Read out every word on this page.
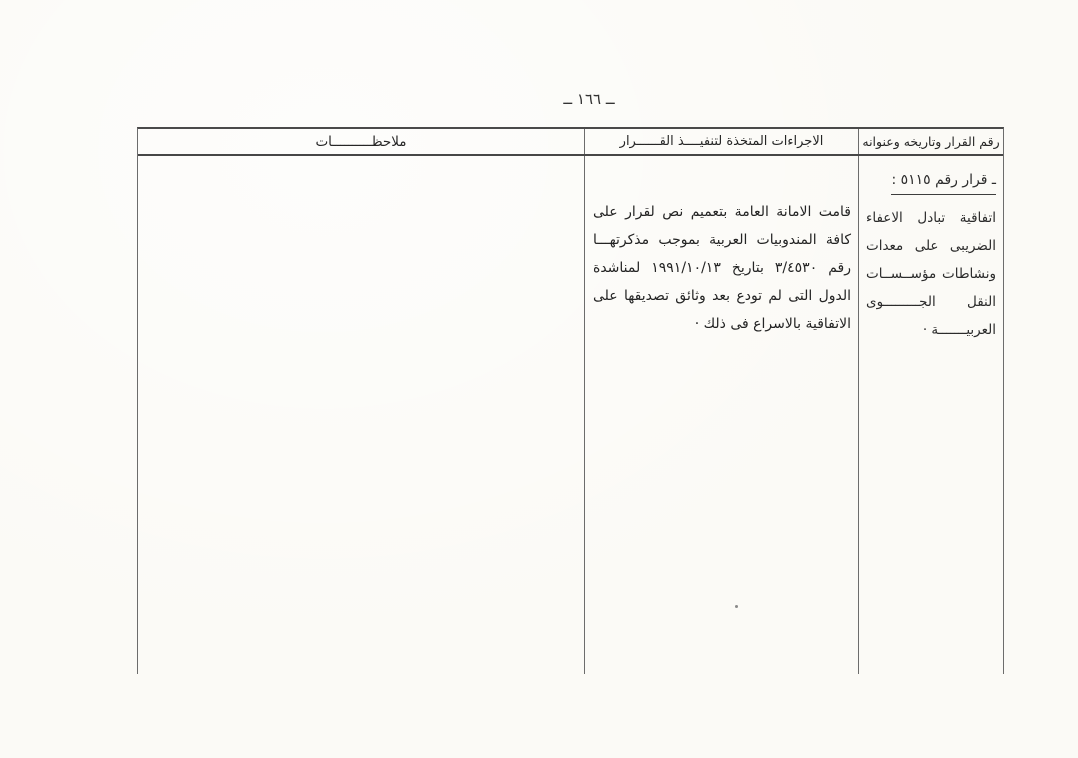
ــ ١٦٦ ــ
رقم القرار وتاريخه وعنوانه
الاجراءات المتخذة لتنفيــــذ القــــــرار
ملاحظــــــــــات
ـ قرار رقم ٥١١٥ :
اتفاقية تبادل الاعفاء
الضريبى على معدات
ونشاطات مؤســســات
النقل الجـــــــــوى
العربيـــــــة ·
قامت الامانة العامة بتعميم نص لقرار على
كافة المندوبيات العربية بموجب مذكرتهـــا
رقم ٣/٤٥٣٠ بتاريخ ١٩٩١/١٠/١٣ لمناشدة
الدول التى لم تودع بعد وثائق تصديقها على
الاتفاقية بالاسراع فى ذلك ·
